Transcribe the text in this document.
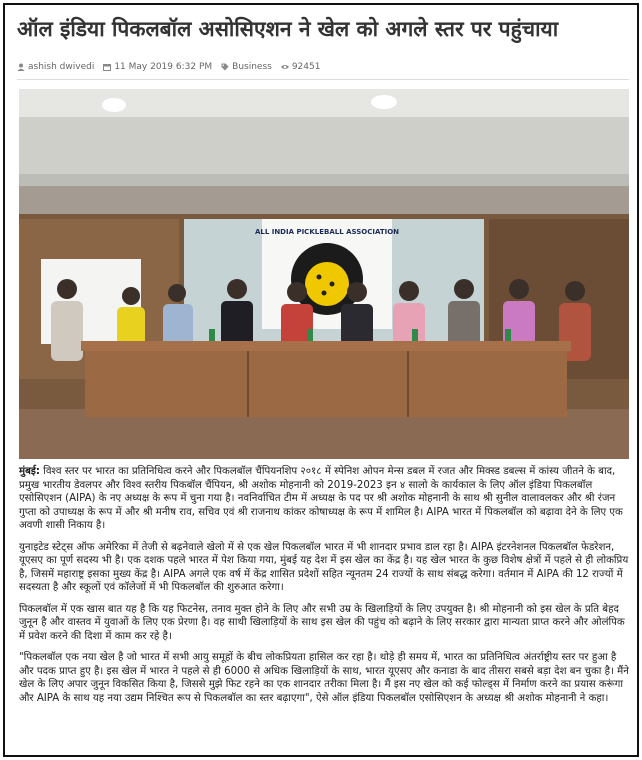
ऑल इंडिया पिकलबॉल असोसिएशन ने खेल को अगले स्तर पर पहुंचाया
ashish dwivedi 11 May 2019 6:32 PM Business 92451
ALL INDIA PICKLEBALL ASSOCIATION

मुंबई: विश्व स्तर पर भारत का प्रतिनिधित्व करने और पिकलबॉल चैंपियनशिप २०१८ में स्पेनिश ओपन मेन्स डबल में रजत और मिक्स्ड डबल्स में कांस्य जीतने के बाद, प्रमुख भारतीय डेवलपर और विश्व स्तरीय पिकबॉल चैंपियन, श्री अशोक मोहनानी को 2019-2023 इन ४ सालो के कार्यकाल के लिए ऑल इंडिया पिकलबॉल एसोसिएशन (AIPA) के नए अध्यक्ष के रूप में चुना गया है। नवनिर्वाचित टीम में अध्यक्ष के पद पर श्री अशोक मोहनानी के साथ श्री सुनील वालावलकर और श्री रंजन गुप्ता को उपाध्यक्ष के रूप में और श्री मनीष राव, सचिव एवं श्री राजनाथ कांकर कोषाध्यक्ष के रूप में शामिल है। AIPA भारत में पिकलबॉल को बढ़ावा देने के लिए एक अवणी शासी निकाय है।

युनाइटेड स्टेट्स ऑफ अमेरिका में तेजी से बढ़नेवाले खेलो में से एक खेल पिकलबॉल भारत में भी शानदार प्रभाव डाल रहा है। AIPA इंटरनेशनल पिकलबॉल फेडरेशन, यूएसए का पूर्ण सदस्य भी है। एक दशक पहले भारत में पेश किया गया, मुंबई यह देश में इस खेल का केंद्र है। यह खेल भारत के कुछ विशेष क्षेत्रों में पहले से ही लोकप्रिय है, जिसमें महाराष्ट्र इसका मुख्य केंद्र है। AIPA अगले एक वर्ष में केंद्र शासित प्रदेशों सहित न्यूनतम 24 राज्यों के साथ संबद्ध करेगा। वर्तमान में AIPA की 12 राज्यों में सदस्यता है और स्कूलों एवं कॉलेजों में भी पिकलबॉल की शुरुआत करेगा।

पिकलबॉल में एक खास बात यह है कि यह फिटनेस, तनाव मुक्त होने के लिए और सभी उम्र के खिलाड़ियों के लिए उपयुक्त है। श्री मोहनानी को इस खेल के प्रति बेहद जुनून है और वास्तव में युवाओं के लिए एक प्रेरणा है। वह साथी खिलाड़ियों के साथ इस खेल की पहुंच को बढ़ाने के लिए सरकार द्वारा मान्यता प्राप्त करने और ओलंपिक में प्रवेश करने की दिशा में काम कर रहे है।

"पिकलबॉल एक नया खेल है जो भारत में सभी आयु समूहों के बीच लोकप्रियता हासिल कर रहा है। थोड़े ही समय में, भारत का प्रतिनिधित्व अंतर्राष्ट्रीय स्तर पर हुआ है और पदक प्राप्त हुए है। इस खेल में भारत ने पहले से ही 6000 से अधिक खिलाड़ियों के साथ, भारत यूएसए और कनाडा के बाद तीसरा सबसे बड़ा देश बन चुका है। मैंने खेल के लिए अपार जुनून विकसित किया है, जिससे मुझे फिट रहने का एक शानदार तरीका मिला है। मैं इस नए खेल को कई फोल्ड्स में निर्माण करने का प्रयास करूंगा और AIPA के साथ यह नया उद्यम निश्चित रूप से पिकलबॉल का स्तर बढ़ाएगा", ऐसे ऑल इंडिया पिकलबॉल एसोसिएशन के अध्यक्ष श्री अशोक मोहनानी ने कहा।
